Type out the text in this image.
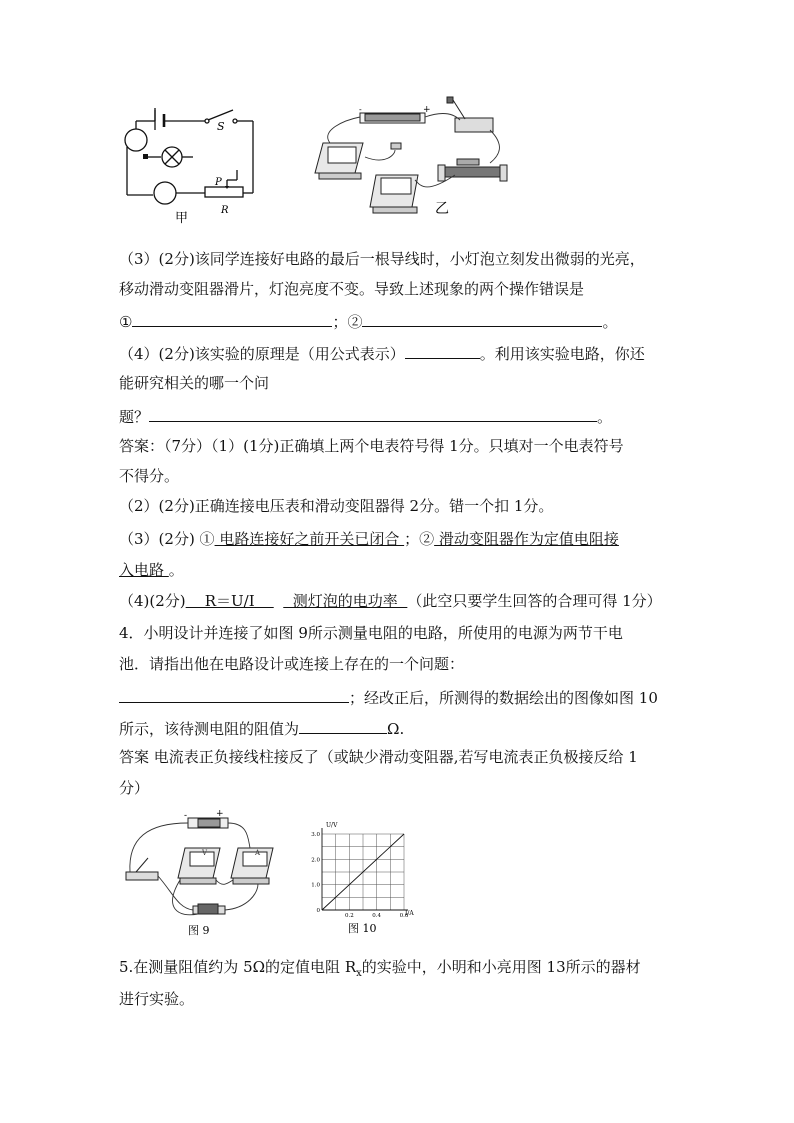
S
P
R
甲
-	+
乙
（3）(2分)该同学连接好电路的最后一根导线时，小灯泡立刻发出微弱的光亮，
移动滑动变阻器滑片，灯泡亮度不变。导致上述现象的两个操作错误是
①	；②	。
（4）(2分)该实验的原理是（用公式表示）	。利用该实验电路，你还
能研究相关的哪一个问
题？	。
答案：（7分）（1）(1分)正确填上两个电表符号得 1分。只填对一个电表符号
不得分。
（2）(2分)正确连接电压表和滑动变阻器得 2分。错一个扣 1分。
（3）(2分) ① 电路连接好之前开关已闭合 ；② 滑动变阻器作为定值电阻接
入电路 。
（4)(2分)    R＝U/I        测灯泡的电功率  （此空只要学生回答的合理可得 1分）
4．小明设计并连接了如图 9所示测量电阻的电路，所使用的电源为两节干电
池．请指出他在电路设计或连接上存在的一个问题：
；经改正后，所测得的数据绘出的图像如图 10
所示，该待测电阻的阻值为	Ω.
答案 电流表正负接线柱接反了（或缺少滑动变阻器,若写电流表正负极接反给 1
分）
V	A
-	+
图 9
0
1.0
2.0
3.0
0.2	0.4	0.6
U/V
I/A
图 10
5.在测量阻值约为 5Ω的定值电阻 $R_x$的实验中，小明和小亮用图 13所示的器材
进行实验。
